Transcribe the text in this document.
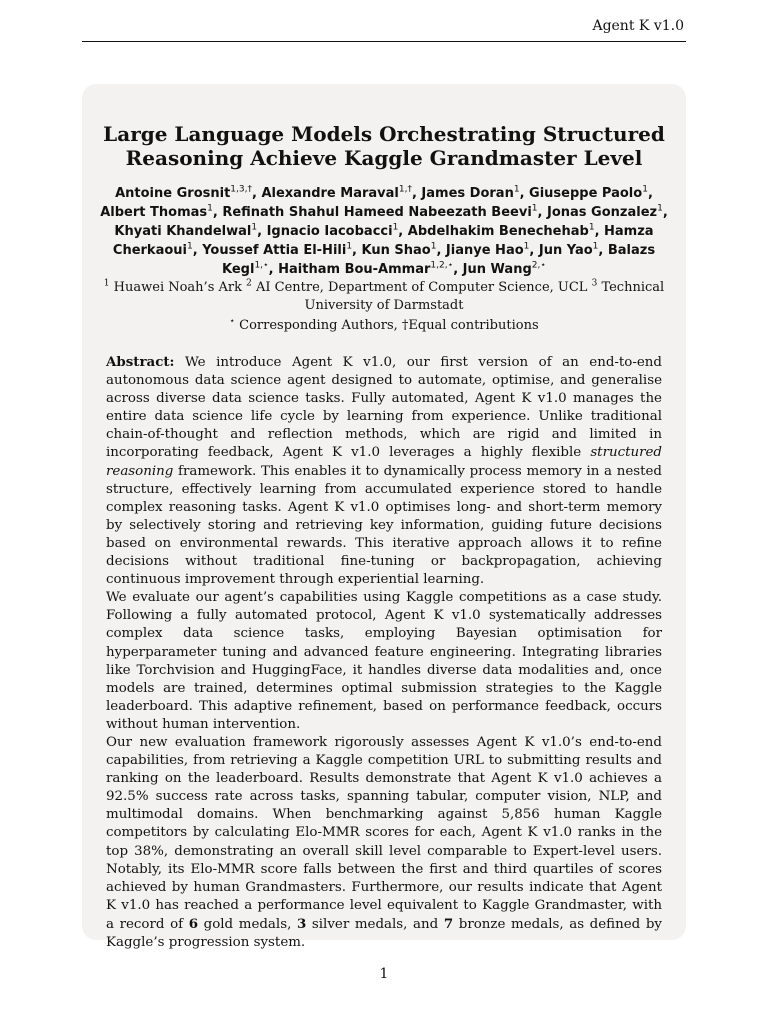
Agent K v1.0
Large Language Models Orchestrating Structured
Reasoning Achieve Kaggle Grandmaster Level
Antoine Grosnit$^{1,3,\dagger}$, Alexandre Maraval$^{1,\dagger}$, James Doran$^1$, Giuseppe Paolo$^1$, Albert Thomas$^1$, Refinath Shahul Hameed Nabeezath Beevi$^1$, Jonas Gonzalez$^1$, Khyati Khandelwal$^1$, Ignacio Iacobacci$^1$, Abdelhakim Benechehab$^1$, Hamza Cherkaoui$^1$, Youssef Attia El-Hili$^1$, Kun Shao$^1$, Jianye Hao$^1$, Jun Yao$^1$, Balazs Kegl$^{1,⋆}$, Haitham Bou-Ammar$^{1,2,⋆}$, Jun Wang$^{2,⋆}$
$^1$ Huawei Noah’s Ark $^2$ AI Centre, Department of Computer Science, UCL $^3$ Technical University of Darmstadt
⋆ Corresponding Authors, †Equal contributions

Abstract: We introduce Agent K v1.0, our first version of an end-to-end autonomous data science agent designed to automate, optimise, and generalise across diverse data science tasks. Fully automated, Agent K v1.0 manages the entire data science life cycle by learning from experience. Unlike traditional chain-of-thought and reflection methods, which are rigid and limited in incorporating feedback, Agent K v1.0 leverages a highly flexible structured reasoning framework. This enables it to dynamically process memory in a nested structure, effectively learning from accumulated experience stored to handle complex reasoning tasks. Agent K v1.0 optimises long- and short-term memory by selectively storing and retrieving key information, guiding future decisions based on environmental rewards. This iterative approach allows it to refine decisions without traditional fine-tuning or backpropagation, achieving continuous improvement through experiential learning.

We evaluate our agent’s capabilities using Kaggle competitions as a case study. Following a fully automated protocol, Agent K v1.0 systematically addresses complex data science tasks, employing Bayesian optimisation for hyperparameter tuning and advanced feature engineering. Integrating libraries like Torchvision and HuggingFace, it handles diverse data modalities and, once models are trained, determines optimal submission strategies to the Kaggle leaderboard. This adaptive refinement, based on performance feedback, occurs without human intervention.

Our new evaluation framework rigorously assesses Agent K v1.0’s end-to-end capabilities, from retrieving a Kaggle competition URL to submitting results and ranking on the leaderboard. Results demonstrate that Agent K v1.0 achieves a 92.5% success rate across tasks, spanning tabular, computer vision, NLP, and multimodal domains. When benchmarking against 5,856 human Kaggle competitors by calculating Elo-MMR scores for each, Agent K v1.0 ranks in the top 38%, demonstrating an overall skill level comparable to Expert-level users. Notably, its Elo-MMR score falls between the first and third quartiles of scores achieved by human Grandmasters. Furthermore, our results indicate that Agent K v1.0 has reached a performance level equivalent to Kaggle Grandmaster, with a record of 6 gold medals, 3 silver medals, and 7 bronze medals, as defined by Kaggle’s progression system.

1
